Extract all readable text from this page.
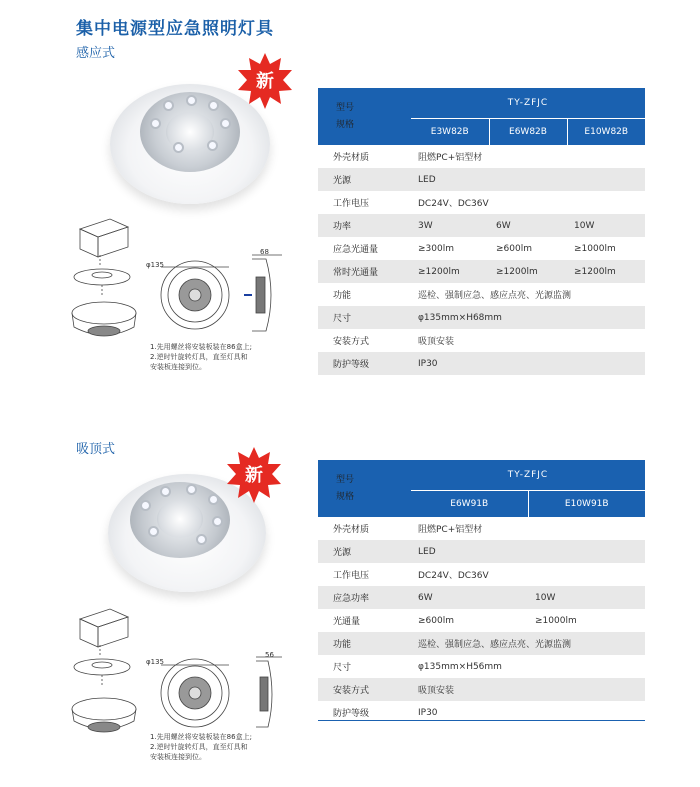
集中电源型应急照明灯具
感应式
新
φ135
68
1.先用螺丝将安装板装在86盒上;
2.逆时针旋转灯具，直至灯具和
安装板连接到位。
型号
规格	TY-ZFJC		
	E3W82B	E6W82B	E10W82B
外壳材质	阻燃PC+铝型材		
光源	LED		
工作电压	DC24V、DC36V		
功率	3W	6W	10W
应急光通量	≥300lm	≥600lm	≥1000lm
常时光通量	≥1200lm	≥1200lm	≥1200lm
功能	巡检、强制应急、感应点亮、光源监测		
尺寸	φ135mm×H68mm		
安装方式	吸顶安装		
防护等级	IP30		
吸顶式
新
φ135
56
1.先用螺丝将安装板装在86盒上;
2.逆时针旋转灯具，直至灯具和
安装板连接到位。
型号
规格	TY-ZFJC	
	E6W91B	E10W91B
外壳材质	阻燃PC+铝型材	
光源	LED	
工作电压	DC24V、DC36V	
应急功率	6W	10W
光通量	≥600lm	≥1000lm
功能	巡检、强制应急、感应点亮、光源监测	
尺寸	φ135mm×H56mm	
安装方式	吸顶安装	
防护等级	IP30	
